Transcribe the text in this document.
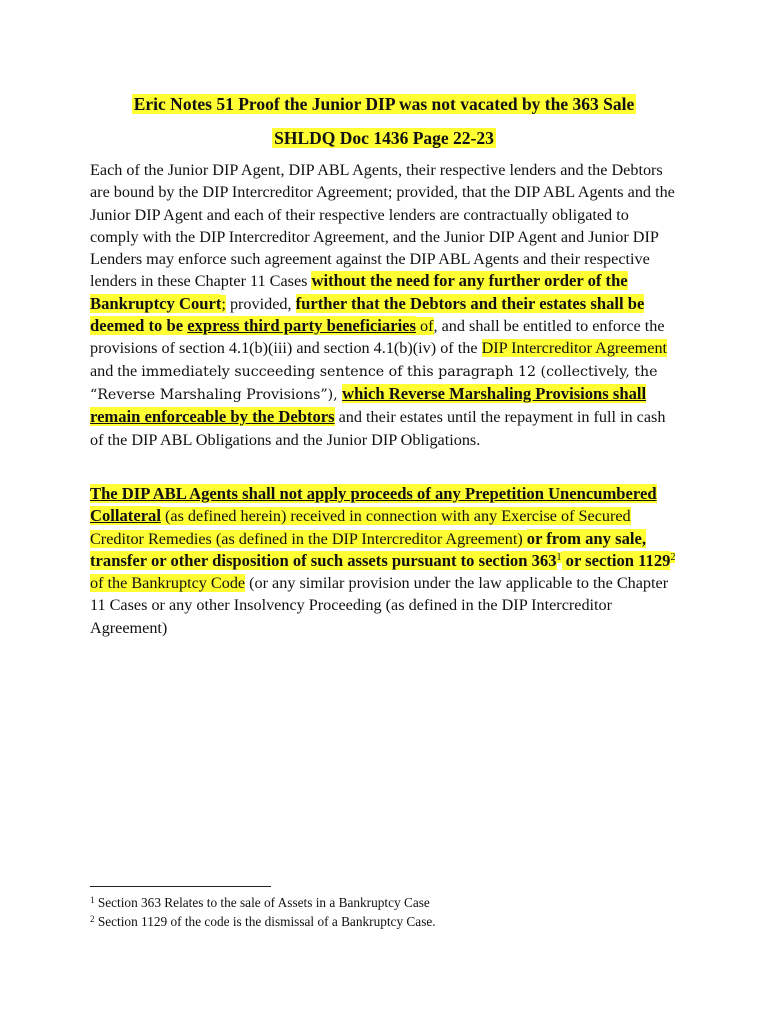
Eric Notes 51 Proof the Junior DIP was not vacated by the 363 Sale
SHLDQ Doc 1436 Page 22-23
Each of the Junior DIP Agent, DIP ABL Agents, their respective lenders and the Debtors are bound by the DIP Intercreditor Agreement; provided, that the DIP ABL Agents and the Junior DIP Agent and each of their respective lenders are contractually obligated to comply with the DIP Intercreditor Agreement, and the Junior DIP Agent and Junior DIP Lenders may enforce such agreement against the DIP ABL Agents and their respective lenders in these Chapter 11 Cases without the need for any further order of the Bankruptcy Court; provided, further that the Debtors and their estates shall be deemed to be express third party beneficiaries of, and shall be entitled to enforce the provisions of section 4.1(b)(iii) and section 4.1(b)(iv) of the DIP Intercreditor Agreement and the immediately succeeding sentence of this paragraph 12 (collectively, the “Reverse Marshaling Provisions”), which Reverse Marshaling Provisions shall remain enforceable by the Debtors and their estates until the repayment in full in cash of the DIP ABL Obligations and the Junior DIP Obligations.
The DIP ABL Agents shall not apply proceeds of any Prepetition Unencumbered Collateral (as defined herein) received in connection with any Exercise of Secured Creditor Remedies (as defined in the DIP Intercreditor Agreement) or from any sale, transfer or other disposition of such assets pursuant to section $363^1$ or section 1129$^2$ of the Bankruptcy Code (or any similar provision under the law applicable to the Chapter 11 Cases or any other Insolvency Proceeding (as defined in the DIP Intercreditor Agreement)
$^1$ Section 363 Relates to the sale of Assets in a Bankruptcy Case
$^2$ Section 1129 of the code is the dismissal of a Bankruptcy Case.
